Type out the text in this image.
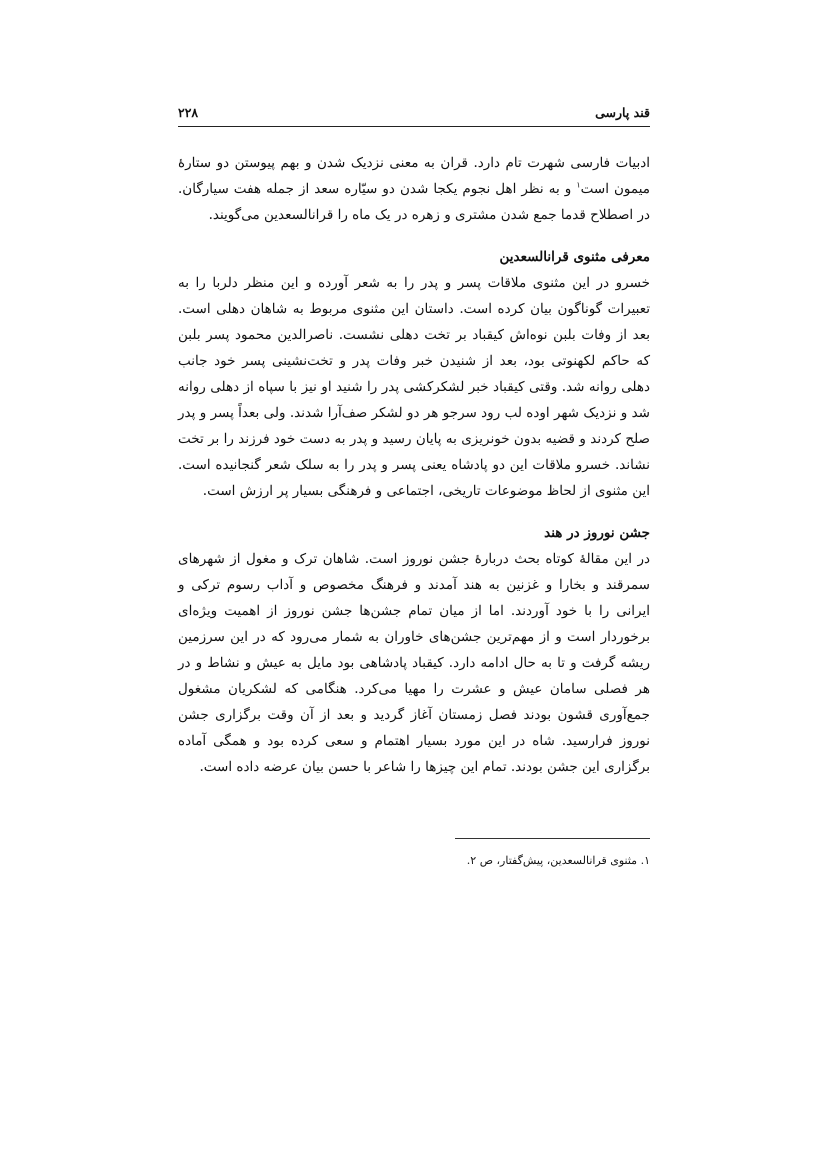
قند پارسی
۲۲۸

ادبیات فارسی شهرت تام دارد. قران به معنی نزدیک شدن و بهم پیوستن دو ستارهٔ میمون است$^۱$ و به نظر اهل نجوم یکجا شدن دو سیّاره سعد از جمله هفت سیارگان. در اصطلاح قدما جمع شدن مشتری و زهره در یک ماه را قرانالسعدین می‌گویند.

معرفی مثنوی قرانالسعدین

خسرو در این مثنوی ملاقات پسر و پدر را به شعر آورده و این منظر دلربا را به تعبیرات گوناگون بیان کرده است. داستان این مثنوی مربوط به شاهان دهلی است. بعد از وفات بلبن نوه‌اش کیقباد بر تخت دهلی نشست. ناصرالدین محمود پسر بلبن که حاکم لکهنوتی بود، بعد از شنیدن خبر وفات پدر و تخت‌نشینی پسر خود جانب دهلی روانه شد. وقتی کیقباد خبر لشکرکشی پدر را شنید او نیز با سپاه از دهلی روانه شد و نزدیک شهر اوده لب رود سرجو هر دو لشکر صف‌آرا شدند. ولی بعداً پسر و پدر صلح کردند و قضیه بدون خونریزی به پایان رسید و پدر به دست خود فرزند را بر تخت نشاند. خسرو ملاقات این دو پادشاه یعنی پسر و پدر را به سلک شعر گنجانیده است. این مثنوی از لحاظ موضوعات تاریخی، اجتماعی و فرهنگی بسیار پر ارزش است.

جشن نوروز در هند

در این مقالهٔ کوتاه بحث دربارهٔ جشن نوروز است. شاهان ترک و مغول از شهرهای سمرقند و بخارا و غزنین به هند آمدند و فرهنگ مخصوص و آداب رسوم ترکی و ایرانی را با خود آوردند. اما از میان تمام جشن‌ها جشن نوروز از اهمیت ویژه‌ای برخوردار است و از مهم‌ترین جشن‌های خاوران به شمار می‌رود که در این سرزمین ریشه گرفت و تا به حال ادامه دارد. کیقباد پادشاهی بود مایل به عیش و نشاط و در هر فصلی سامان عیش و عشرت را مهیا می‌کرد. هنگامی که لشکریان مشغول جمع‌آوری قشون بودند فصل زمستان آغاز گردید و بعد از آن وقت برگزاری جشن نوروز فرارسید. شاه در این مورد بسیار اهتمام و سعی کرده بود و همگی آماده برگزاری این جشن بودند. تمام این چیزها را شاعر با حسن بیان عرضه داده است.

۱. مثنوی قرانالسعدین، پیش‌گفتار، ص ۲.
